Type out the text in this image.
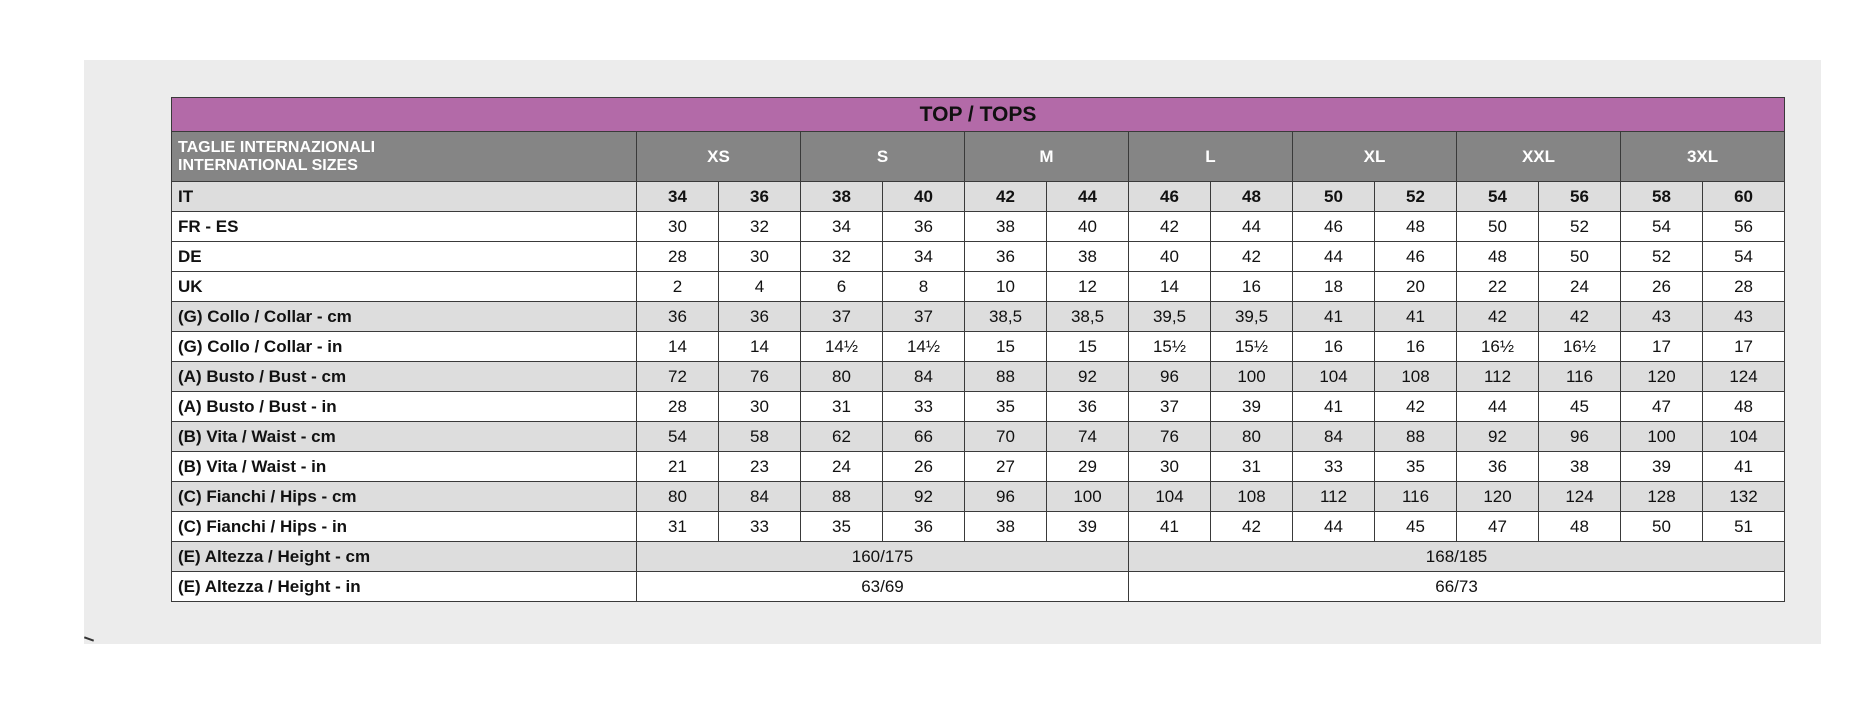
TOP / TOPS														

TAGLIE INTERNAZIONALI
INTERNATIONAL SIZES	XS		S		M		L		XL		XXL		3XL	
IT	34	36	38	40	42	44	46	48	50	52	54	56	58	60
FR - ES	30	32	34	36	38	40	42	44	46	48	50	52	54	56
DE	28	30	32	34	36	38	40	42	44	46	48	50	52	54
UK	2	4	6	8	10	12	14	16	18	20	22	24	26	28
(G) Collo / Collar - cm	36	36	37	37	38,5	38,5	39,5	39,5	41	41	42	42	43	43
(G) Collo / Collar - in	14	14	14½	14½	15	15	15½	15½	16	16	16½	16½	17	17
(A) Busto / Bust - cm	72	76	80	84	88	92	96	100	104	108	112	116	120	124
(A) Busto / Bust - in	28	30	31	33	35	36	37	39	41	42	44	45	47	48
(B) Vita / Waist - cm	54	58	62	66	70	74	76	80	84	88	92	96	100	104
(B) Vita / Waist - in	21	23	24	26	27	29	30	31	33	35	36	38	39	41
(C) Fianchi / Hips - cm	80	84	88	92	96	100	104	108	112	116	120	124	128	132
(C) Fianchi / Hips - in	31	33	35	36	38	39	41	42	44	45	47	48	50	51
(E) Altezza / Height - cm	160/175						168/185							
(E) Altezza / Height - in	63/69						66/73							
